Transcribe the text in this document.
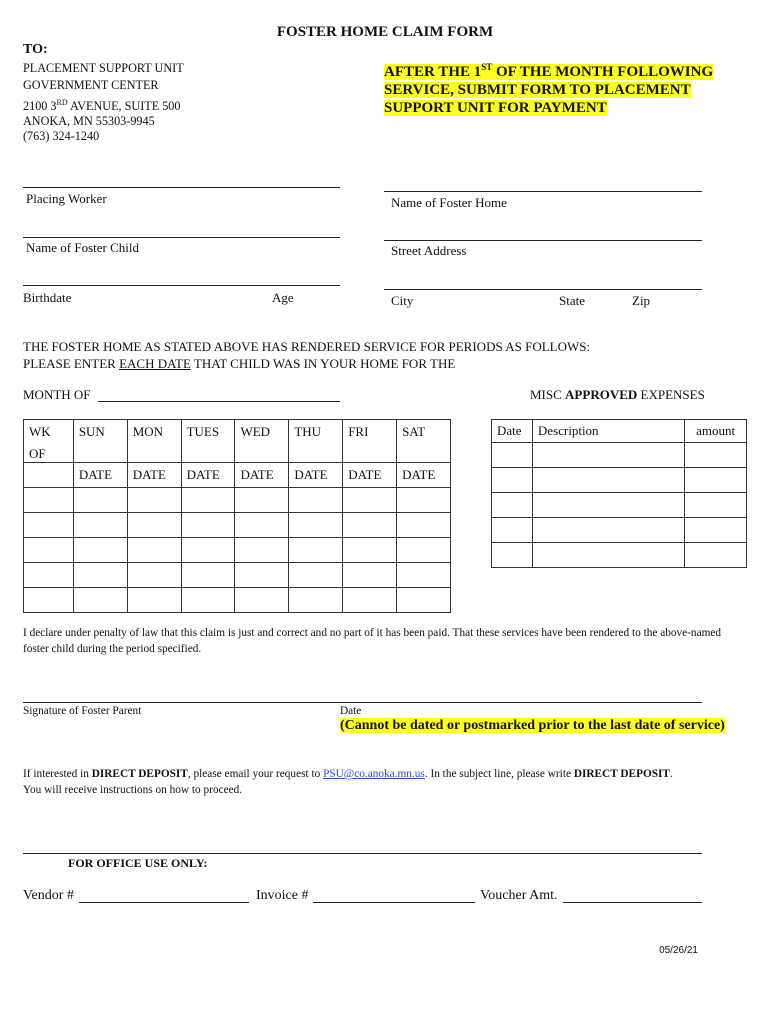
FOSTER HOME CLAIM FORM
TO:
PLACEMENT SUPPORT UNIT
GOVERNMENT CENTER
2100 3RD AVENUE, SUITE 500
ANOKA, MN 55303-9945
(763) 324-1240
AFTER THE 1ST OF THE MONTH FOLLOWING
SERVICE, SUBMIT FORM TO PLACEMENT
SUPPORT UNIT FOR PAYMENT
Placing Worker
Name of Foster Child
Birthdate	Age
Name of Foster Home
Street Address
City	State	Zip
THE FOSTER HOME AS STATED ABOVE HAS RENDERED SERVICE FOR PERIODS AS FOLLOWS:
PLEASE ENTER EACH DATE THAT CHILD WAS IN YOUR HOME FOR THE
MONTH OF	MISC APPROVED EXPENSES
WK
OF	SUN	MON	TUES	WED	THU	FRI	SAT
	DATE	DATE	DATE	DATE	DATE	DATE	DATE

Date	Description	amount

I declare under penalty of law that this claim is just and correct and no part of it has been paid. That these services have been rendered to the above-named foster child during the period specified.
Signature of Foster Parent	Date
(Cannot be dated or postmarked prior to the last date of service)
If interested in DIRECT DEPOSIT, please email your request to PSU@co.anoka.mn.us. In the subject line, please write DIRECT DEPOSIT.
You will receive instructions on how to proceed.
FOR OFFICE USE ONLY:
Vendor #	Invoice #	Voucher Amt.
05/26/21
